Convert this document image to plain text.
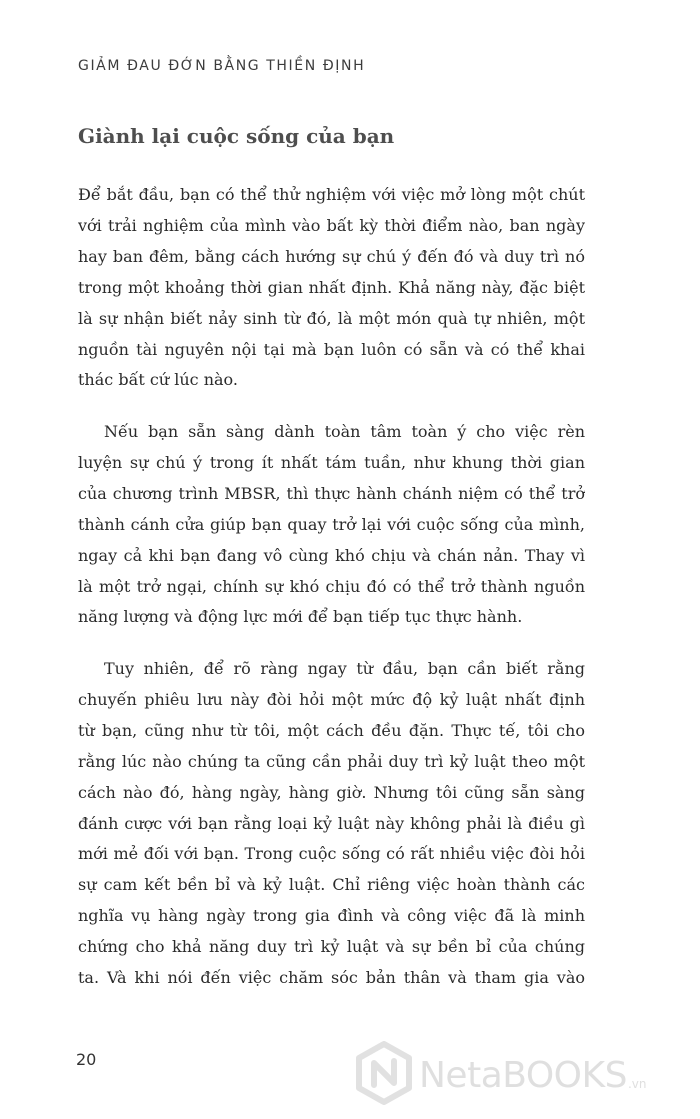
GIẢM ĐAU ĐỚN BẰNG THIỀN ĐỊNH
Giành lại cuộc sống của bạn
Để bắt đầu, bạn có thể thử nghiệm với việc mở lòng một chút
với trải nghiệm của mình vào bất kỳ thời điểm nào, ban ngày
hay ban đêm, bằng cách hướng sự chú ý đến đó và duy trì nó
trong một khoảng thời gian nhất định. Khả năng này, đặc biệt
là sự nhận biết nảy sinh từ đó, là một món quà tự nhiên, một
nguồn tài nguyên nội tại mà bạn luôn có sẵn và có thể khai
thác bất cứ lúc nào.
Nếu bạn sẵn sàng dành toàn tâm toàn ý cho việc rèn
luyện sự chú ý trong ít nhất tám tuần, như khung thời gian
của chương trình MBSR, thì thực hành chánh niệm có thể trở
thành cánh cửa giúp bạn quay trở lại với cuộc sống của mình,
ngay cả khi bạn đang vô cùng khó chịu và chán nản. Thay vì
là một trở ngại, chính sự khó chịu đó có thể trở thành nguồn
năng lượng và động lực mới để bạn tiếp tục thực hành.
Tuy nhiên, để rõ ràng ngay từ đầu, bạn cần biết rằng
chuyến phiêu lưu này đòi hỏi một mức độ kỷ luật nhất định
từ bạn, cũng như từ tôi, một cách đều đặn. Thực tế, tôi cho
rằng lúc nào chúng ta cũng cần phải duy trì kỷ luật theo một
cách nào đó, hàng ngày, hàng giờ. Nhưng tôi cũng sẵn sàng
đánh cược với bạn rằng loại kỷ luật này không phải là điều gì
mới mẻ đối với bạn. Trong cuộc sống có rất nhiều việc đòi hỏi
sự cam kết bền bỉ và kỷ luật. Chỉ riêng việc hoàn thành các
nghĩa vụ hàng ngày trong gia đình và công việc đã là minh
chứng cho khả năng duy trì kỷ luật và sự bền bỉ của chúng
ta. Và khi nói đến việc chăm sóc bản thân và tham gia vào
20	NetaBOOKS .vn
